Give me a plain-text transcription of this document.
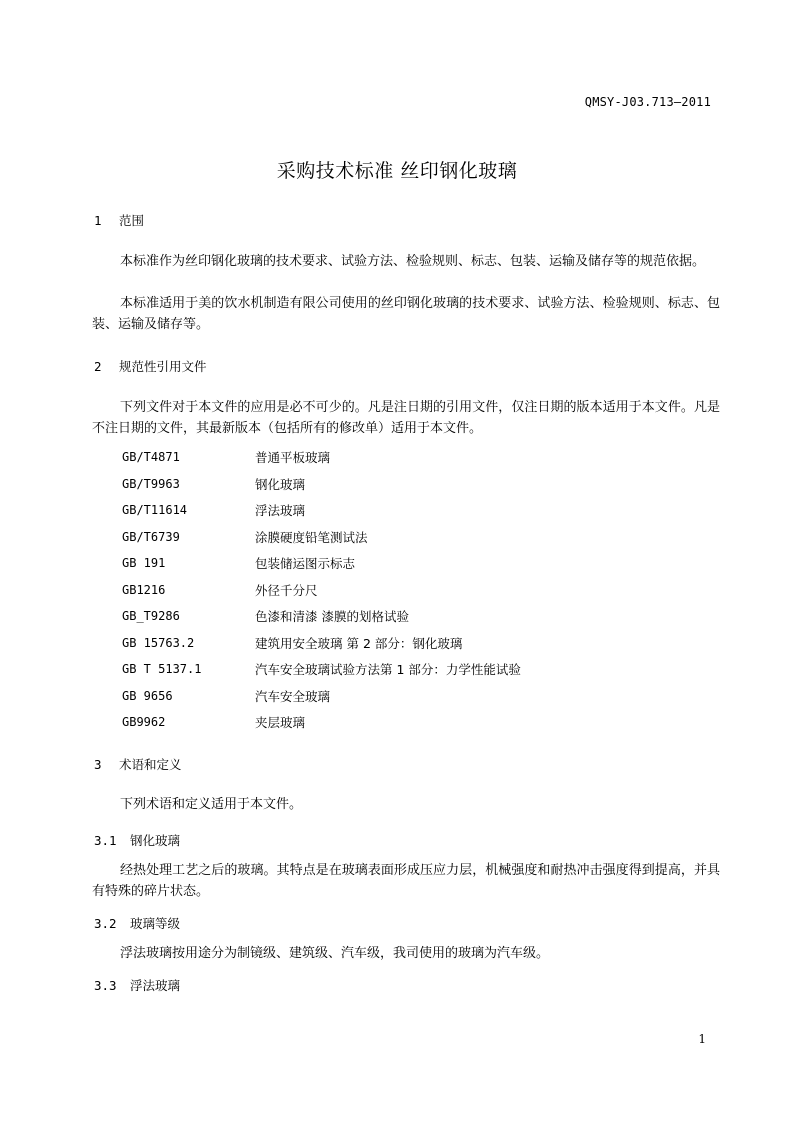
QMSY-J03.713—2011
采购技术标准 丝印钢化玻璃
1 范围

本标准作为丝印钢化玻璃的技术要求、试验方法、检验规则、标志、包装、运输及储存等的规范依据。

本标准适用于美的饮水机制造有限公司使用的丝印钢化玻璃的技术要求、试验方法、检验规则、标志、包装、运输及储存等。

2 规范性引用文件

下列文件对于本文件的应用是必不可少的。凡是注日期的引用文件，仅注日期的版本适用于本文件。凡是不注日期的文件，其最新版本（包括所有的修改单）适用于本文件。

GB/T4871	普通平板玻璃
GB/T9963	钢化玻璃
GB/T11614	浮法玻璃
GB/T6739	涂膜硬度铅笔测试法
GB 191	包装储运图示标志
GB1216	外径千分尺
GB_T9286	色漆和清漆 漆膜的划格试验
GB 15763.2	建筑用安全玻璃 第 2 部分：钢化玻璃
GB T 5137.1	汽车安全玻璃试验方法第 1 部分：力学性能试验
GB 9656	汽车安全玻璃
GB9962	夹层玻璃
3 术语和定义

下列术语和定义适用于本文件。

3.1 钢化玻璃

经热处理工艺之后的玻璃。其特点是在玻璃表面形成压应力层，机械强度和耐热冲击强度得到提高，并具有特殊的碎片状态。

3.2 玻璃等级

浮法玻璃按用途分为制镜级、建筑级、汽车级，我司使用的玻璃为汽车级。

3.3 浮法玻璃
1
